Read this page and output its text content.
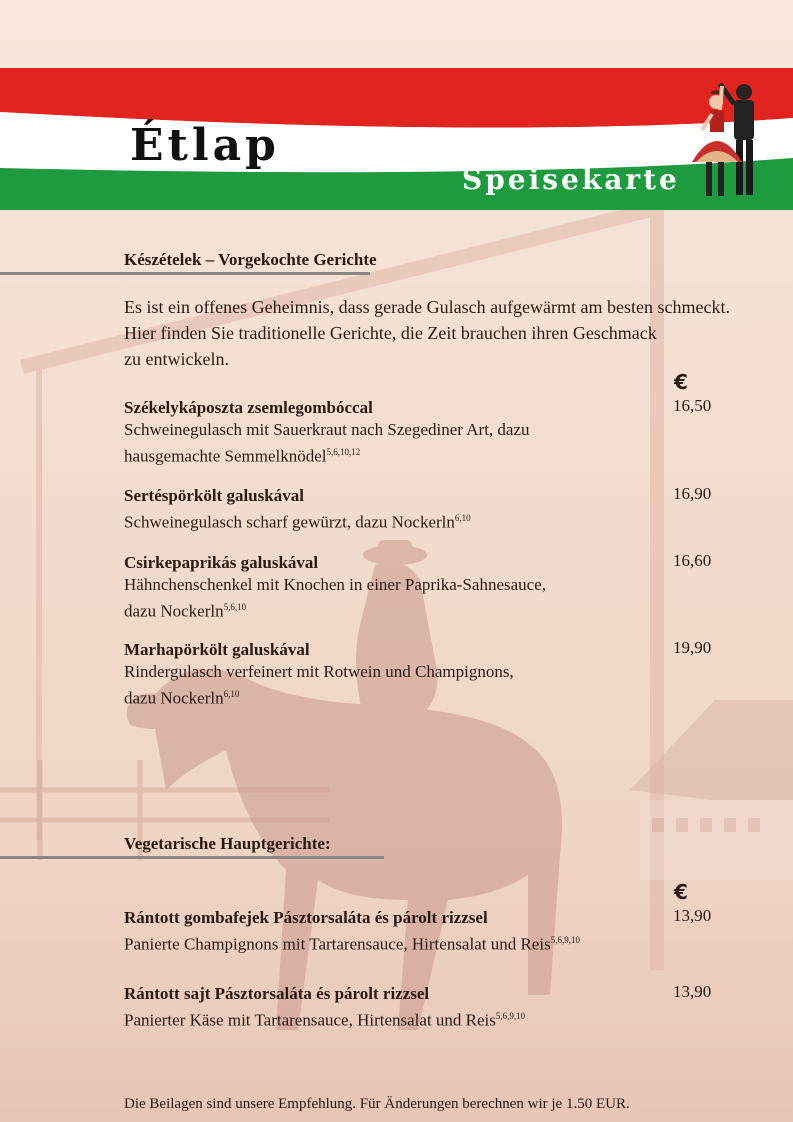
Étlap
Speisekarte
Készételek – Vorgekochte Gerichte
Es ist ein offenes Geheimnis, dass gerade Gulasch aufgewärmt am besten schmeckt.
Hier finden Sie traditionelle Gerichte, die Zeit brauchen ihren Geschmack
zu entwickeln.
€
Székelykáposzta zsemlegombóccal
Schweinegulasch mit Sauerkraut nach Szegediner Art, dazu
hausgemachte Semmelknödel$^{5,6,10,12}$
16,50
Sertéspörkölt galuskával
Schweinegulasch scharf gewürzt, dazu Nockerln$^{6,10}$
16,90
Csirkepaprikás galuskával
Hähnchenschenkel mit Knochen in einer Paprika-Sahnesauce,
dazu Nockerln$^{5,6,10}$
16,60
Marhapörkölt galuskával
Rindergulasch verfeinert mit Rotwein und Champignons,
dazu Nockerln$^{6,10}$
19,90
Vegetarische Hauptgerichte:
€
Rántott gombafejek Pásztorsaláta és párolt rizzsel
Panierte Champignons mit Tartarensauce, Hirtensalat und Reis$^{5,6,9,10}$
13,90
Rántott sajt Pásztorsaláta és párolt rizzsel
Panierter Käse mit Tartarensauce, Hirtensalat und Reis$^{5,6,9,10}$
13,90
Die Beilagen sind unsere Empfehlung. Für Änderungen berechnen wir je 1.50 EUR.
